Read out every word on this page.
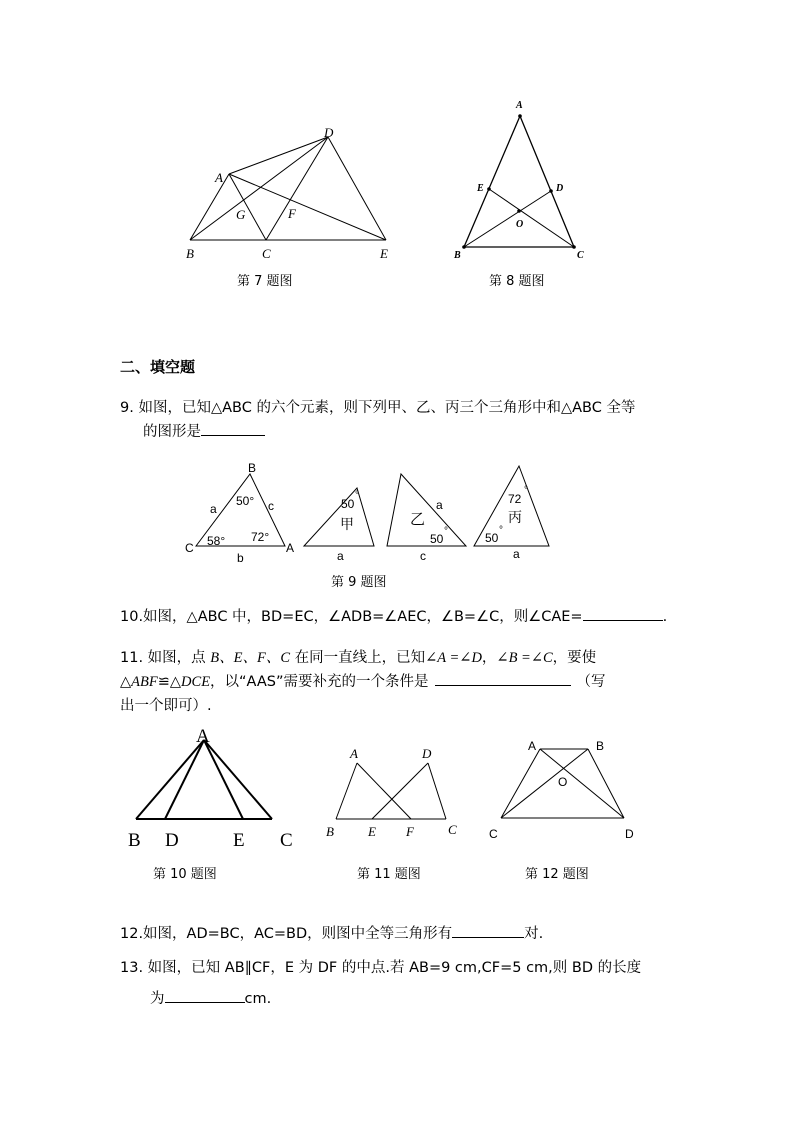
A
B	C
D
E
F
G
A
B	C
D
E
O
B
C	A
a	c
b
50°
58° 72°
50
°
甲
a
乙
a
c
50
°
72
°
丙
50
°
a
A
B D	E C
A	D
B	E F	C
A	B
O
C	D
第 7 题图	第 8 题图
第 9 题图
第 10 题图	第 11 题图	第 12 题图
二、填空题
9. 如图，已知△ABC 的六个元素，则下列甲、乙、丙三个三角形中和△ABC 全等
的图形是
10.如图，△ABC 中，BD=EC，∠ADB=∠AEC，∠B=∠C，则∠CAE=	.
11. 如图，点 B、E、F、C 在同一直线上，已知∠A =∠D，∠B =∠C，要使
△ABF≌△DCE，以“AAS”需要补充的一个条件是	（写
出一个即可）.
12.如图，AD=BC，AC=BD，则图中全等三角形有	对.
13. 如图，已知 AB∥CF，E 为 DF 的中点.若 AB=9 cm,CF=5 cm,则 BD 的长度
为	cm.
